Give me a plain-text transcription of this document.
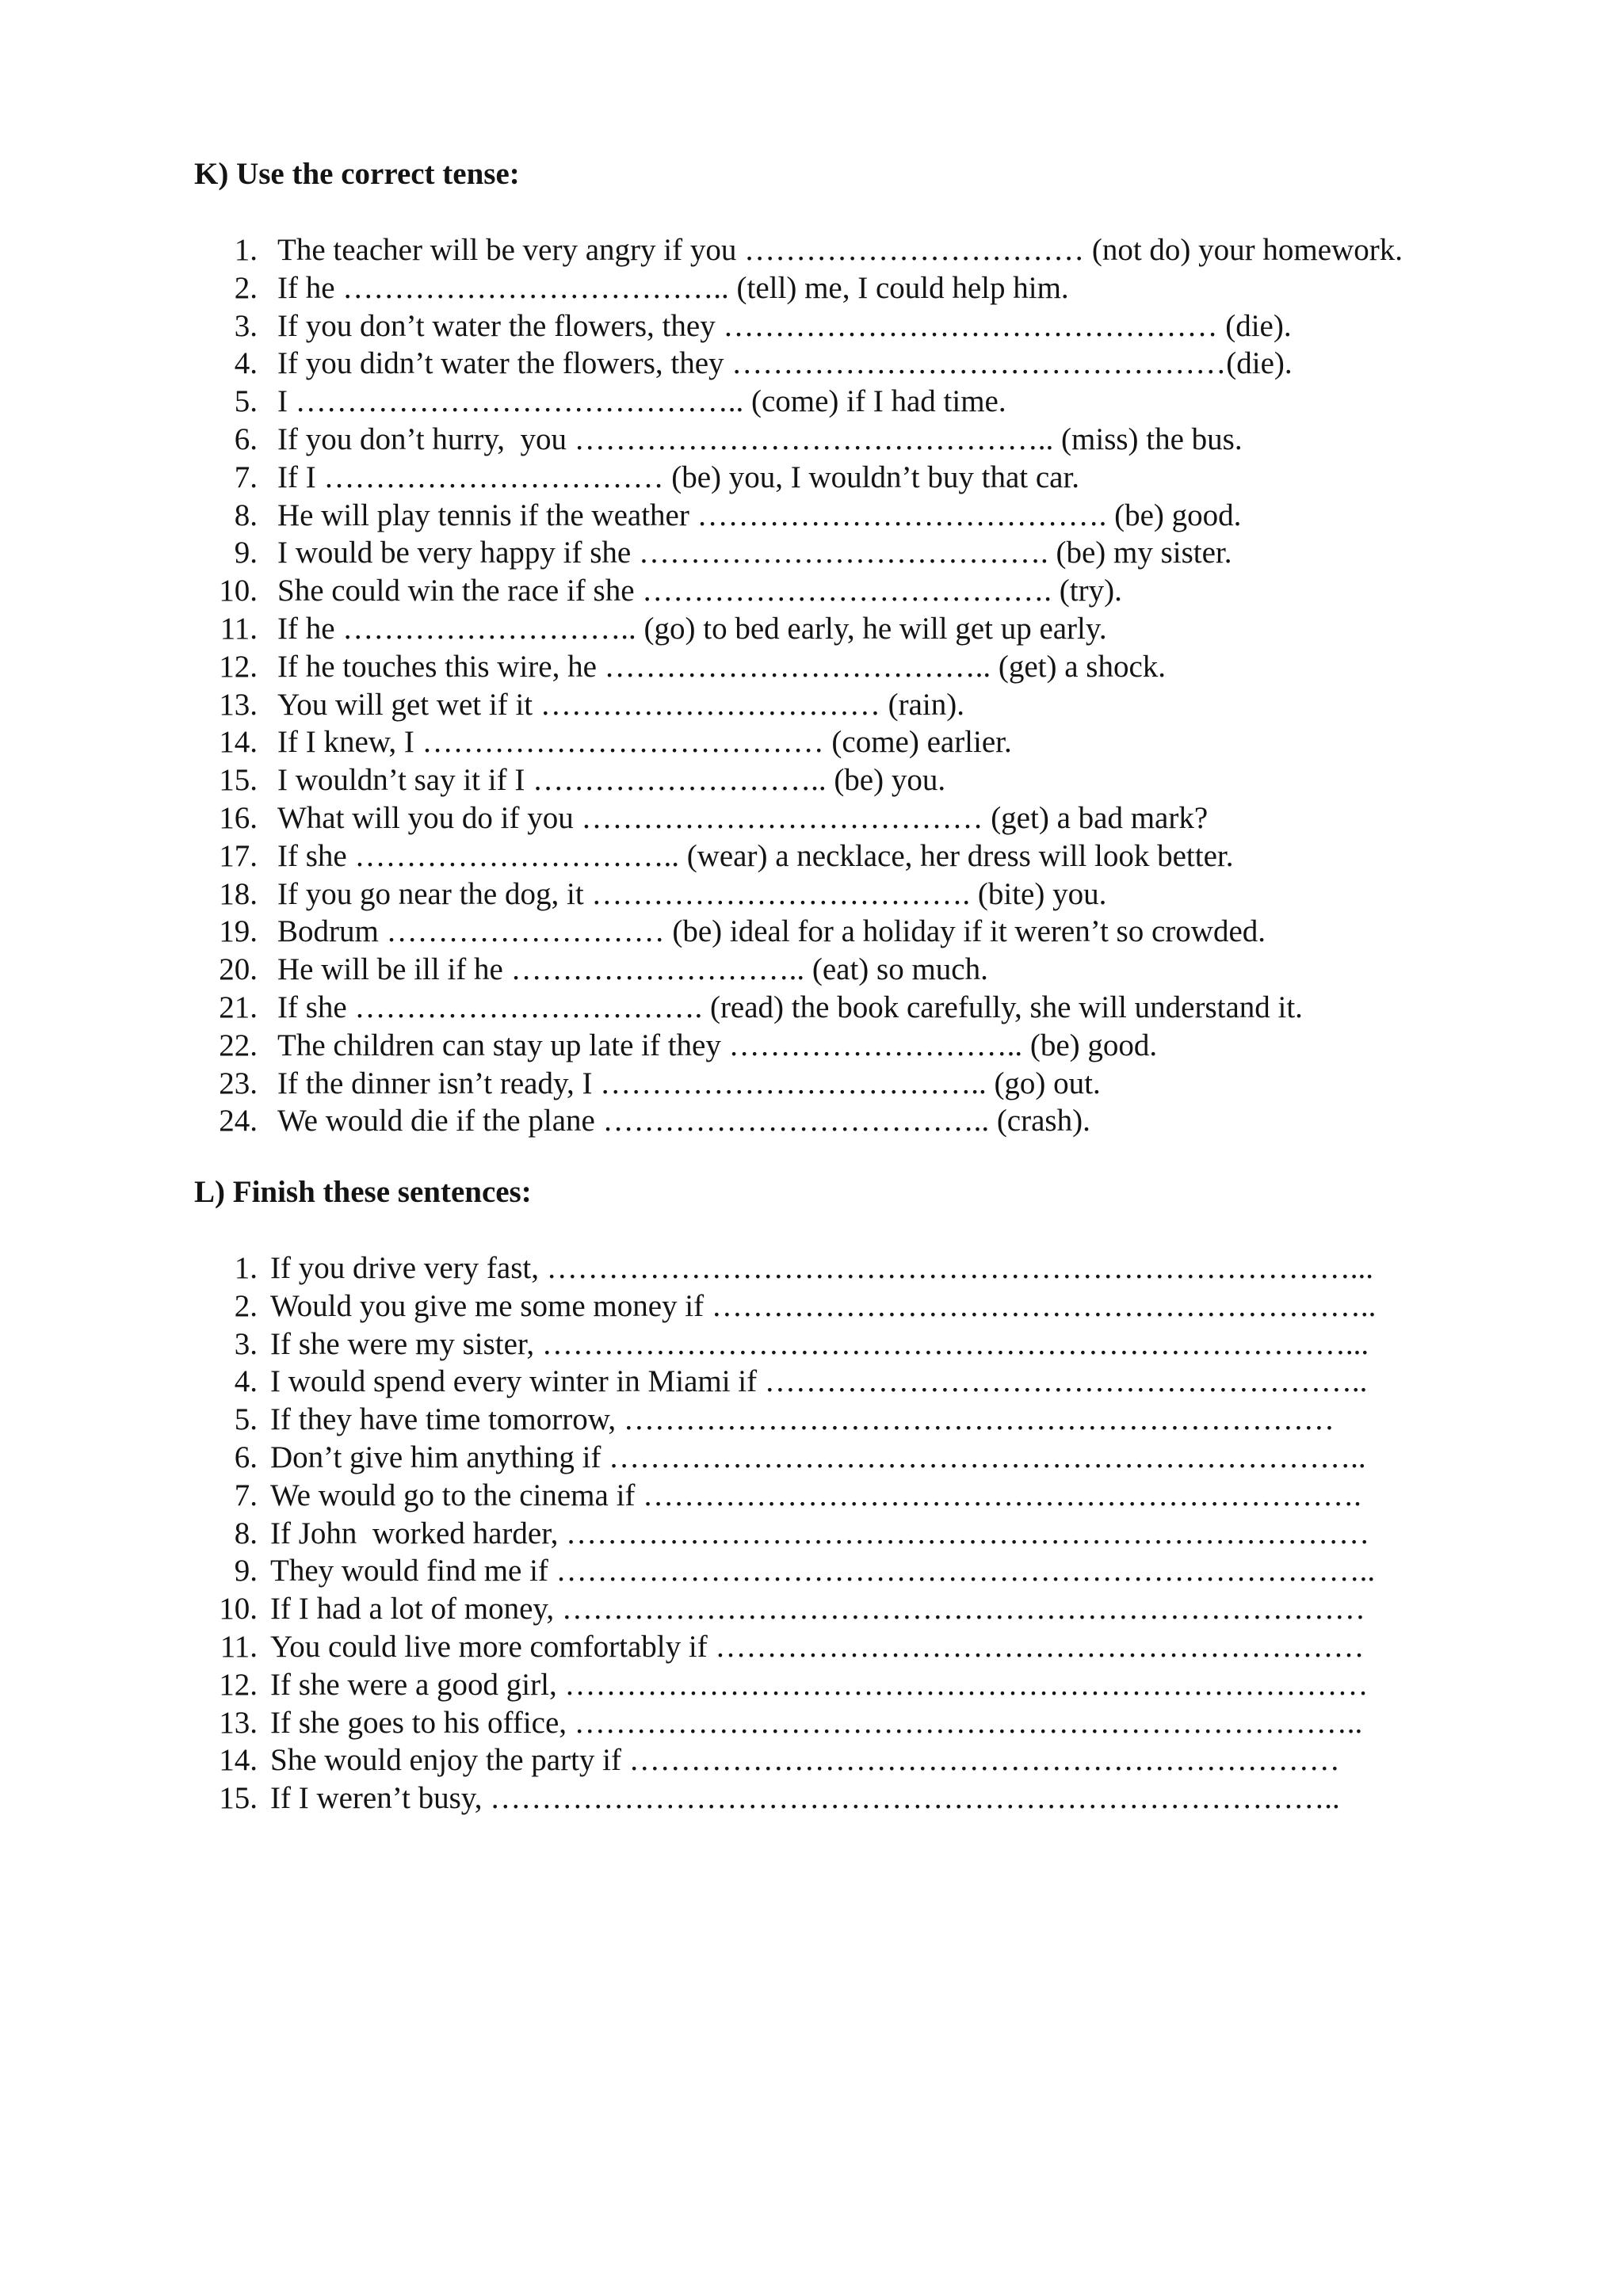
K) Use the correct tense:
1. The teacher will be very angry if you …………………………… (not do) your homework.
2. If he ……………………………….. (tell) me, I could help him.
3. If you don’t water the flowers, they ………………………………………… (die).
4. If you didn’t water the flowers, they …………………………………………(die).
5. I …………………………………….. (come) if I had time.
6. If you don’t hurry,  you ……………………………………….. (miss) the bus.
7. If I …………………………… (be) you, I wouldn’t buy that car.
8. He will play tennis if the weather …………………………………. (be) good.
9. I would be very happy if she …………………………………. (be) my sister.
10. She could win the race if she …………………………………. (try).
11. If he ……………………….. (go) to bed early, he will get up early.
12. If he touches this wire, he ……………………………….. (get) a shock.
13. You will get wet if it …………………………… (rain).
14. If I knew, I ………………………………… (come) earlier.
15. I wouldn’t say it if I ……………………….. (be) you.
16. What will you do if you ………………………………… (get) a bad mark?
17. If she ………………………….. (wear) a necklace, her dress will look better.
18. If you go near the dog, it ………………………………. (bite) you.
19. Bodrum ……………………… (be) ideal for a holiday if it weren’t so crowded.
20. He will be ill if he ……………………….. (eat) so much.
21. If she ……………………………. (read) the book carefully, she will understand it.
22. The children can stay up late if they ……………………….. (be) good.
23. If the dinner isn’t ready, I ……………………………….. (go) out.
24. We would die if the plane ……………………………….. (crash).
L) Finish these sentences:
1. If you drive very fast, ……………………………………………………………………...
2. Would you give me some money if ………………………………………………………..
3. If she were my sister, ……………………………………………………………………...
4. I would spend every winter in Miami if …………………………………………………..
5. If they have time tomorrow, ……………………………………………………………
6. Don’t give him anything if ………………………………………………………………..
7. We would go to the cinema if …………………………………………………………….
8. If John  worked harder, ……………………………………………………………………
9. They would find me if ……………………………………………………………………..
10. If I had a lot of money, ……………………………………………………………………
11. You could live more comfortably if ………………………………………………………
12. If she were a good girl, ……………………………………………………………………
13. If she goes to his office, …………………………………………………………………..
14. She would enjoy the party if ……………………………………………………………
15. If I weren’t busy, ………………………………………………………………………..
